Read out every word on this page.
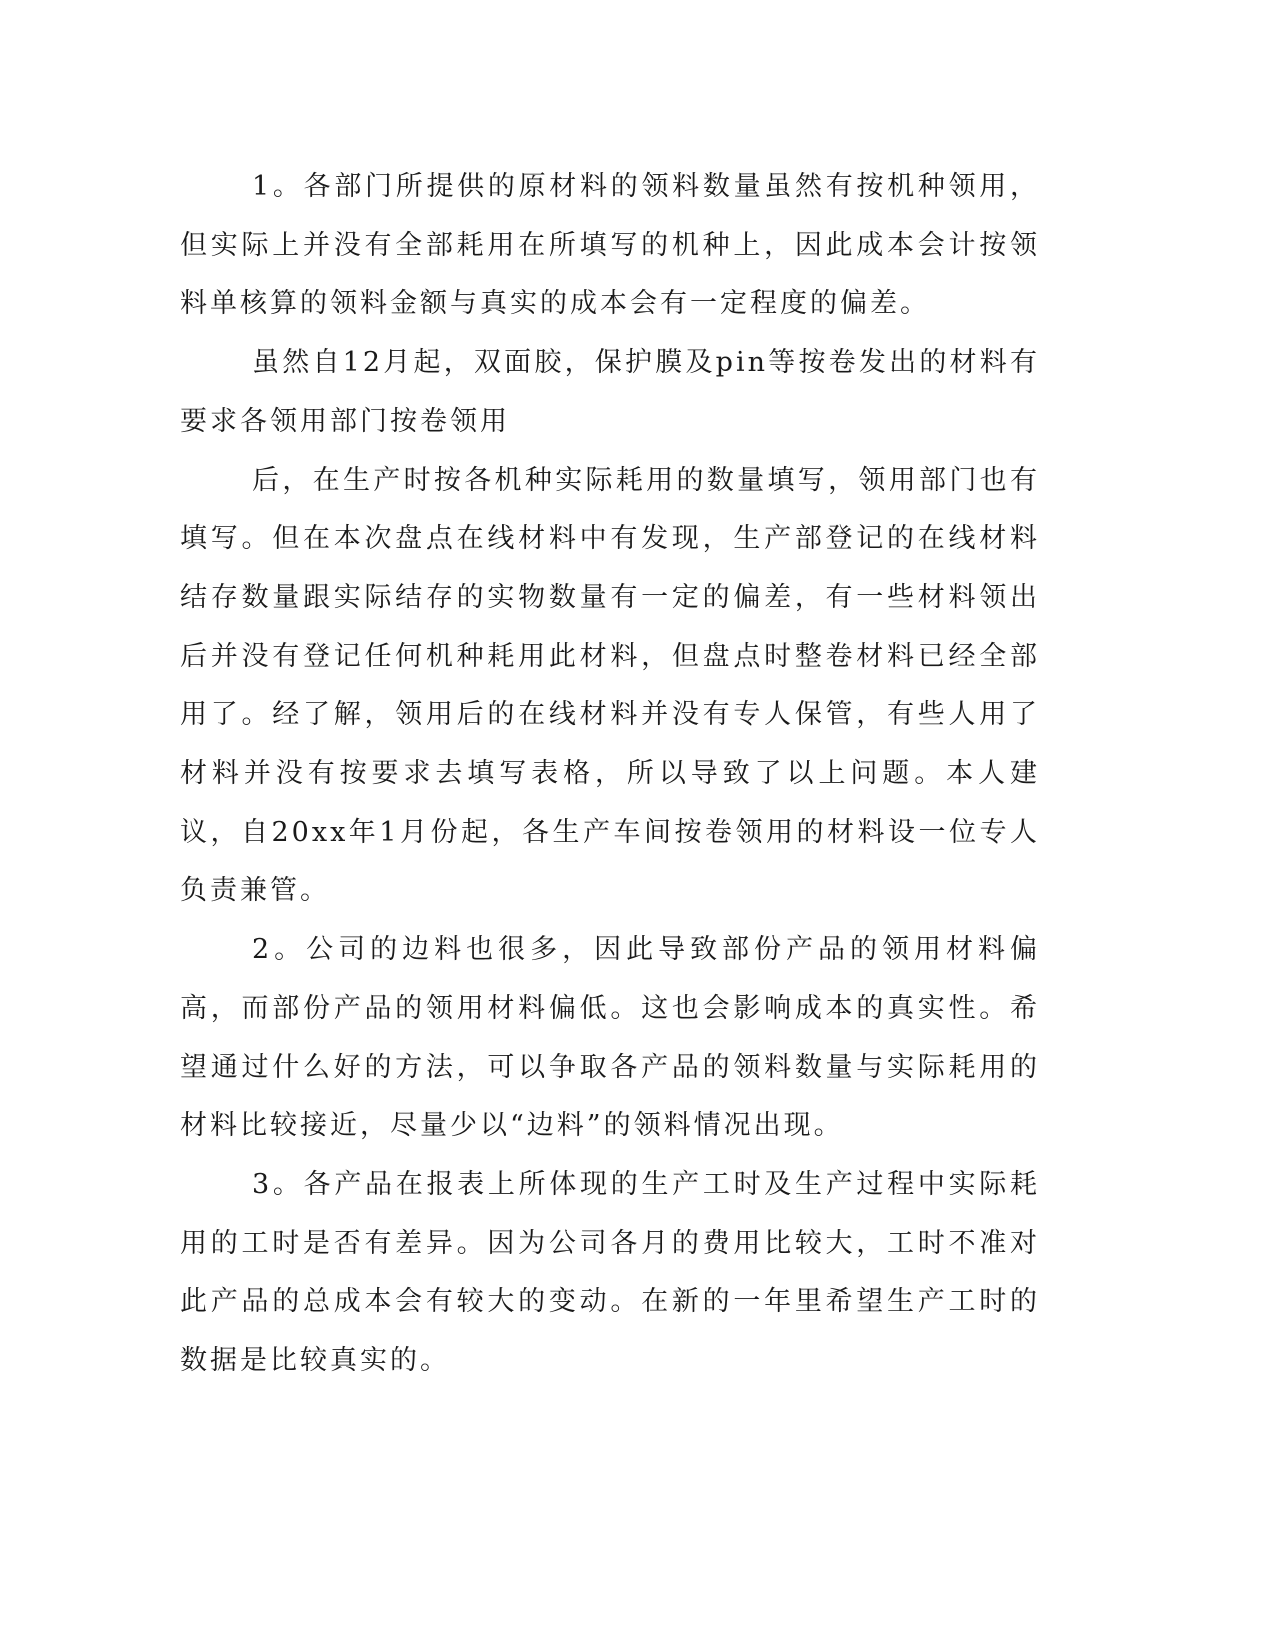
1。各部门所提供的原材料的领料数量虽然有按机种领用，但实际上并没有全部耗用在所填写的机种上，因此成本会计按领料单核算的领料金额与真实的成本会有一定程度的偏差。

虽然自12月起，双面胶，保护膜及pin等按卷发出的材料有要求各领用部门按卷领用

后，在生产时按各机种实际耗用的数量填写，领用部门也有填写。但在本次盘点在线材料中有发现，生产部登记的在线材料结存数量跟实际结存的实物数量有一定的偏差，有一些材料领出后并没有登记任何机种耗用此材料，但盘点时整卷材料已经全部用了。经了解，领用后的在线材料并没有专人保管，有些人用了材料并没有按要求去填写表格，所以导致了以上问题。本人建议，自20xx年1月份起，各生产车间按卷领用的材料设一位专人负责兼管。

2。公司的边料也很多，因此导致部份产品的领用材料偏高，而部份产品的领用材料偏低。这也会影响成本的真实性。希望通过什么好的方法，可以争取各产品的领料数量与实际耗用的材料比较接近，尽量少以“边料”的领料情况出现。

3。各产品在报表上所体现的生产工时及生产过程中实际耗用的工时是否有差异。因为公司各月的费用比较大，工时不准对此产品的总成本会有较大的变动。在新的一年里希望生产工时的数据是比较真实的。
